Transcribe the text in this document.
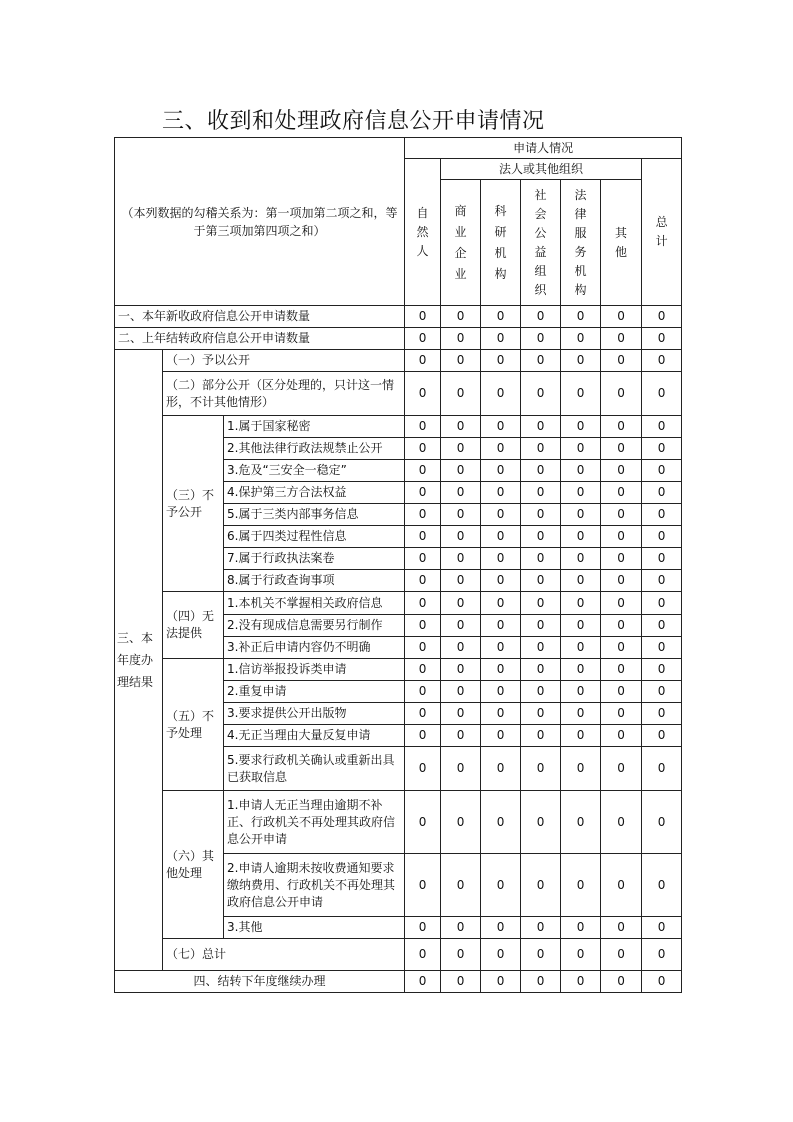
三、收到和处理政府信息公开申请情况
（本列数据的勾稽关系为：第一项加第二项之和，等于第三项加第四项之和）			申请人情况						
			自然人	法人或其他组织					总计
				商业企业	科研机构	社会公益组织	法律服务机构	其他	
一、本年新收政府信息公开申请数量			0	0	0	0	0	0	0
二、上年结转政府信息公开申请数量			0	0	0	0	0	0	0
三、本年度办理结果	（一）予以公开		0	0	0	0	0	0	0
	（二）部分公开（区分处理的，只计这一情形，不计其他情形）		0	0	0	0	0	0	0
	（三）不予公开	1.属于国家秘密	0	0	0	0	0	0	0
		2.其他法律行政法规禁止公开	0	0	0	0	0	0	0
		3.危及“三安全一稳定”	0	0	0	0	0	0	0
		4.保护第三方合法权益	0	0	0	0	0	0	0
		5.属于三类内部事务信息	0	0	0	0	0	0	0
		6.属于四类过程性信息	0	0	0	0	0	0	0
		7.属于行政执法案卷	0	0	0	0	0	0	0
		8.属于行政查询事项	0	0	0	0	0	0	0
	（四）无法提供	1.本机关不掌握相关政府信息	0	0	0	0	0	0	0
		2.没有现成信息需要另行制作	0	0	0	0	0	0	0
		3.补正后申请内容仍不明确	0	0	0	0	0	0	0
	（五）不予处理	1.信访举报投诉类申请	0	0	0	0	0	0	0
		2.重复申请	0	0	0	0	0	0	0
		3.要求提供公开出版物	0	0	0	0	0	0	0
		4.无正当理由大量反复申请	0	0	0	0	0	0	0
		5.要求行政机关确认或重新出具已获取信息	0	0	0	0	0	0	0
	（六）其他处理	1.申请人无正当理由逾期不补正、行政机关不再处理其政府信息公开申请	0	0	0	0	0	0	0
		2.申请人逾期未按收费通知要求缴纳费用、行政机关不再处理其政府信息公开申请	0	0	0	0	0	0	0
		3.其他	0	0	0	0	0	0	0
	（七）总计		0	0	0	0	0	0	0
四、结转下年度继续办理			0	0	0	0	0	0	0
